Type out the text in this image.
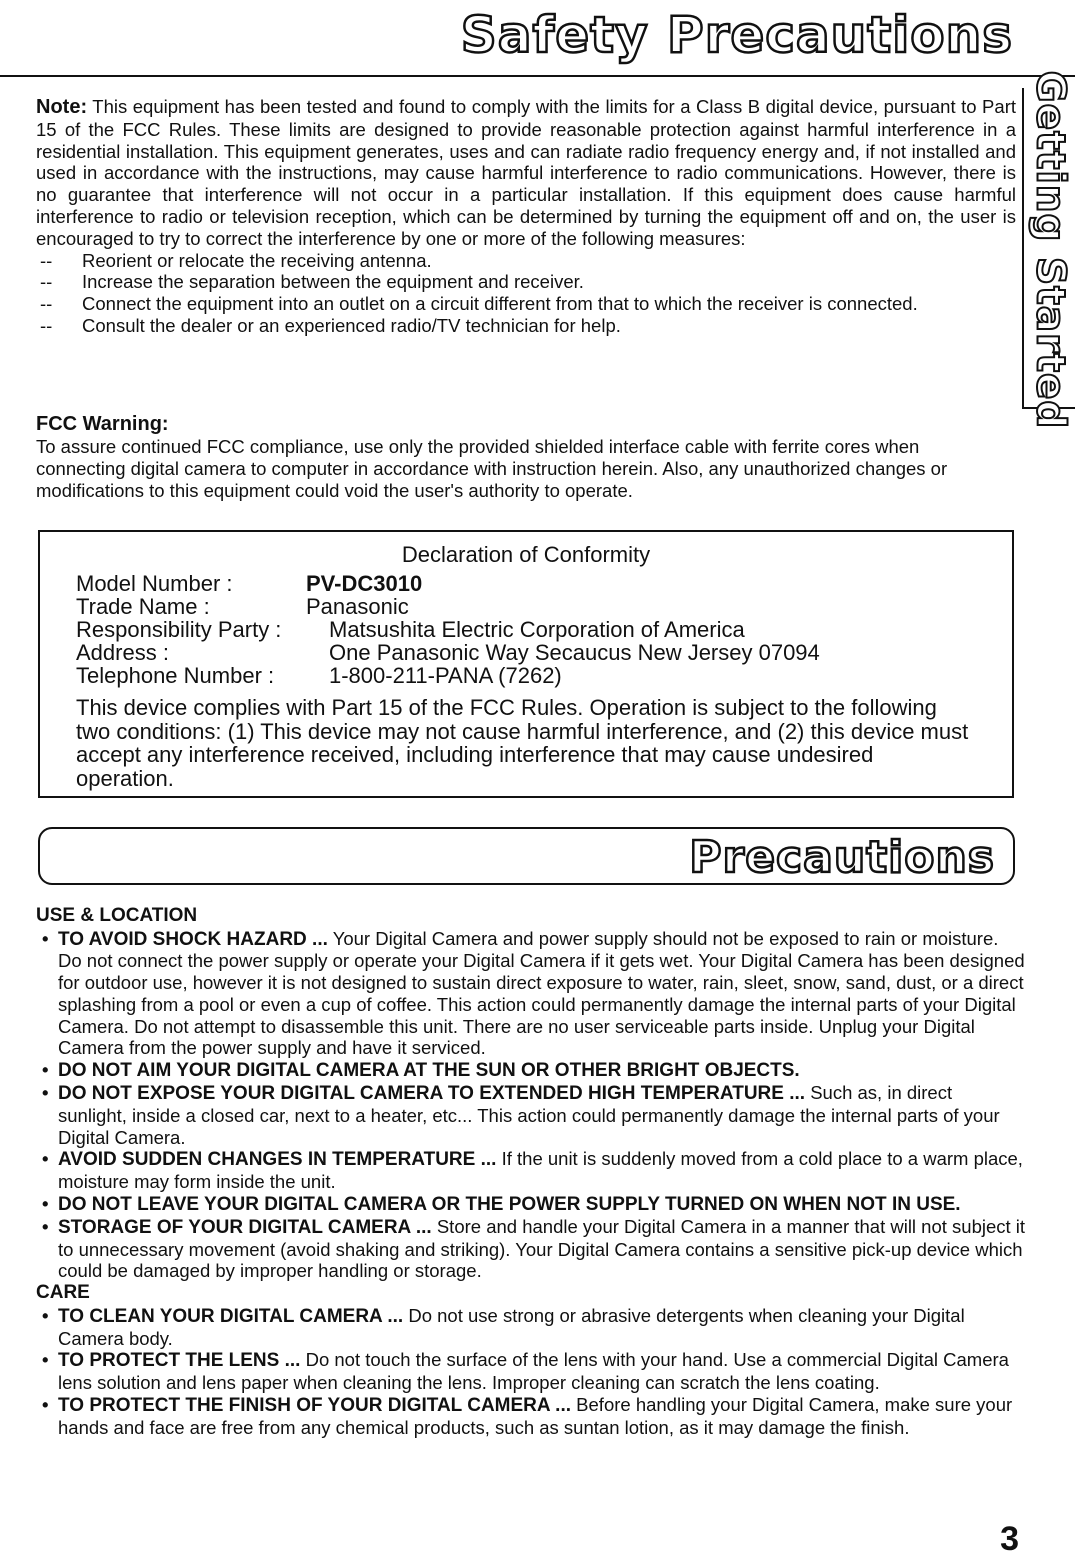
Safety Precautions
Getting Started
Note: This equipment has been tested and found to comply with the limits for a Class B digital device, pursuant to Part 15 of the FCC Rules. These limits are designed to provide reasonable protection against harmful interference in a residential installation. This equipment generates, uses and can radiate radio frequency energy and, if not installed and used in accordance with the instructions, may cause harmful interference to radio communications. However, there is no guarantee that interference will not occur in a particular installation. If this equipment does cause harmful interference to radio or television reception, which can be determined by turning the equipment off and on, the user is encouraged to try to correct the interference by one or more of the following measures:
-- Reorient or relocate the receiving antenna.
-- Increase the separation between the equipment and receiver.
-- Connect the equipment into an outlet on a circuit different from that to which the receiver is connected.
-- Consult the dealer or an experienced radio/TV technician for help.
FCC Warning:
To assure continued FCC compliance, use only the provided shielded interface cable with ferrite cores when connecting digital camera to computer in accordance with instruction herein. Also, any unauthorized changes or modifications to this equipment could void the user's authority to operate.
Declaration of Conformity
Model Number :	PV-DC3010
Trade Name :	Panasonic
Responsibility Party : Matsushita Electric Corporation of America
Address :	One Panasonic Way Secaucus New Jersey 07094
Telephone Number : 1-800-211-PANA (7262)
This device complies with Part 15 of the FCC Rules. Operation is subject to the following two conditions: (1) This device may not cause harmful interference, and (2) this device must accept any interference received, including interference that may cause undesired operation.
Precautions
USE & LOCATION
• TO AVOID SHOCK HAZARD ... Your Digital Camera and power supply should not be exposed to rain or moisture. Do not connect the power supply or operate your Digital Camera if it gets wet. Your Digital Camera has been designed for outdoor use, however it is not designed to sustain direct exposure to water, rain, sleet, snow, sand, dust, or a direct splashing from a pool or even a cup of coffee. This action could permanently damage the internal parts of your Digital Camera. Do not attempt to disassemble this unit. There are no user serviceable parts inside. Unplug your Digital Camera from the power supply and have it serviced.
• DO NOT AIM YOUR DIGITAL CAMERA AT THE SUN OR OTHER BRIGHT OBJECTS.
• DO NOT EXPOSE YOUR DIGITAL CAMERA TO EXTENDED HIGH TEMPERATURE ... Such as, in direct sunlight, inside a closed car, next to a heater, etc... This action could permanently damage the internal parts of your Digital Camera.
• AVOID SUDDEN CHANGES IN TEMPERATURE ... If the unit is suddenly moved from a cold place to a warm place, moisture may form inside the unit.
• DO NOT LEAVE YOUR DIGITAL CAMERA OR THE POWER SUPPLY TURNED ON WHEN NOT IN USE.
• STORAGE OF YOUR DIGITAL CAMERA ... Store and handle your Digital Camera in a manner that will not subject it to unnecessary movement (avoid shaking and striking). Your Digital Camera contains a sensitive pick-up device which could be damaged by improper handling or storage.
CARE
• TO CLEAN YOUR DIGITAL CAMERA ... Do not use strong or abrasive detergents when cleaning your Digital Camera body.
• TO PROTECT THE LENS ... Do not touch the surface of the lens with your hand. Use a commercial Digital Camera lens solution and lens paper when cleaning the lens. Improper cleaning can scratch the lens coating.
• TO PROTECT THE FINISH OF YOUR DIGITAL CAMERA ... Before handling your Digital Camera, make sure your hands and face are free from any chemical products, such as suntan lotion, as it may damage the finish.
3
